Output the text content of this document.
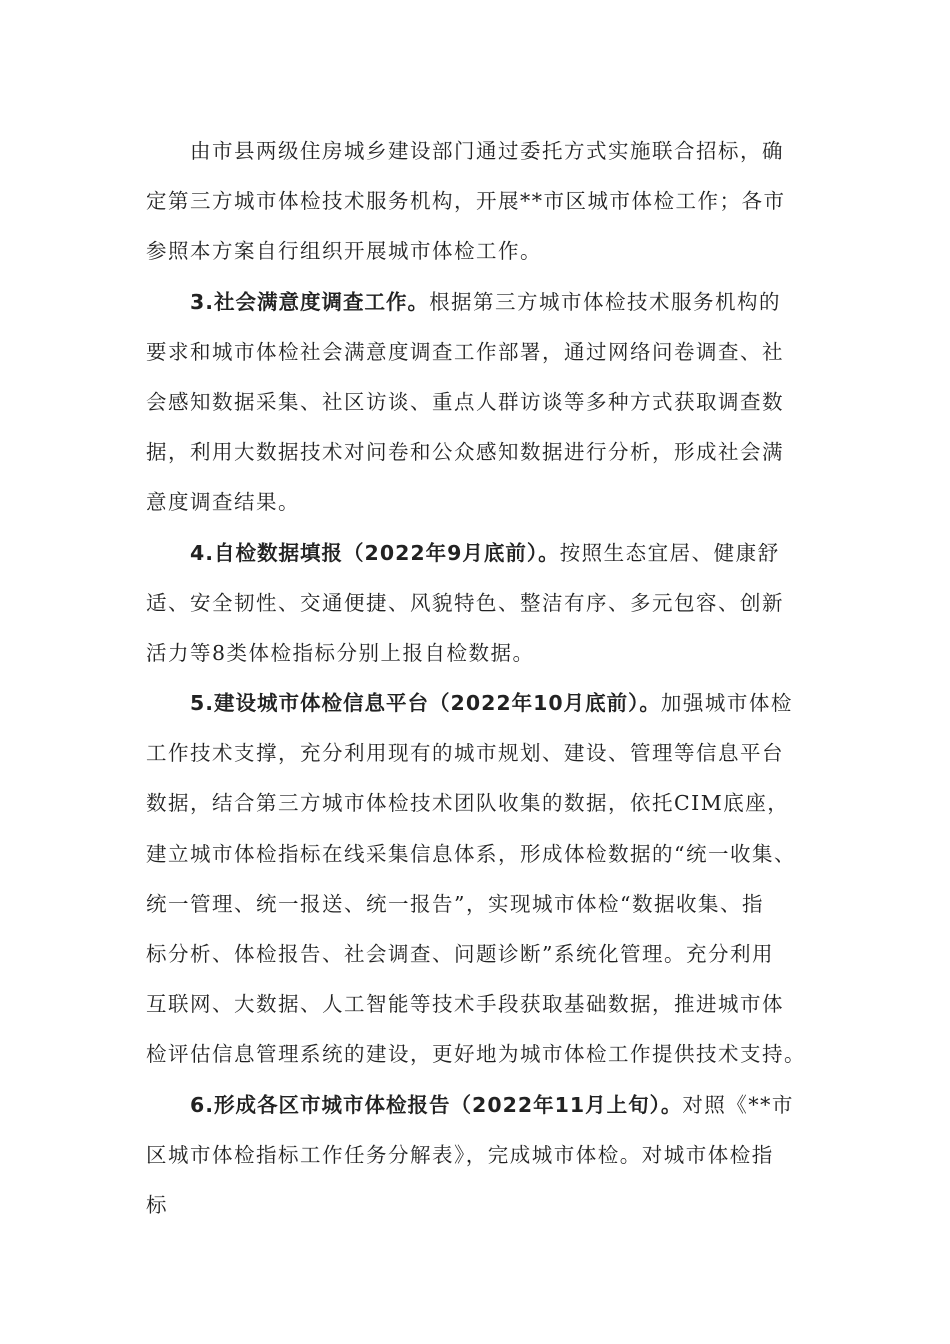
由市县两级住房城乡建设部门通过委托方式实施联合招标，确
定第三方城市体检技术服务机构，开展**市区城市体检工作；各市
参照本方案自行组织开展城市体检工作。
3.社会满意度调查工作。根据第三方城市体检技术服务机构的
要求和城市体检社会满意度调查工作部署，通过网络问卷调查、社
会感知数据采集、社区访谈、重点人群访谈等多种方式获取调查数
据，利用大数据技术对问卷和公众感知数据进行分析，形成社会满
意度调查结果。
4.自检数据填报（2022年9月底前）。按照生态宜居、健康舒
适、安全韧性、交通便捷、风貌特色、整洁有序、多元包容、创新
活力等8类体检指标分别上报自检数据。
5.建设城市体检信息平台（2022年10月底前）。加强城市体检
工作技术支撑，充分利用现有的城市规划、建设、管理等信息平台
数据，结合第三方城市体检技术团队收集的数据，依托CIM底座，
建立城市体检指标在线采集信息体系，形成体检数据的“统一收集、
统一管理、统一报送、统一报告”，实现城市体检“数据收集、指
标分析、体检报告、社会调查、问题诊断”系统化管理。充分利用
互联网、大数据、人工智能等技术手段获取基础数据，推进城市体
检评估信息管理系统的建设，更好地为城市体检工作提供技术支持。
6.形成各区市城市体检报告（2022年11月上旬）。对照《**市
区城市体检指标工作任务分解表》，完成城市体检。对城市体检指
标
